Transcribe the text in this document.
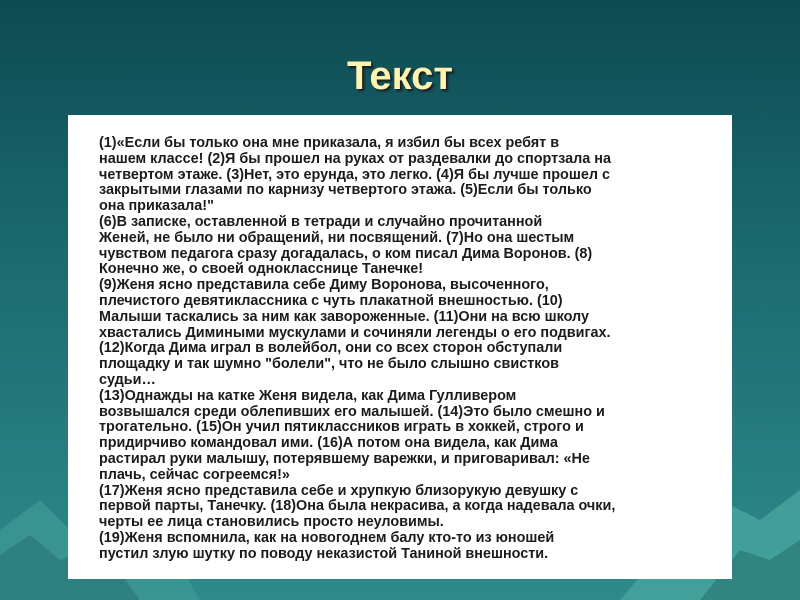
Текст

(1)«Если бы только она мне приказала, я избил бы всех ребят в
нашем классе! (2)Я бы прошел на руках от раздевалки до спортзала на
четвертом этаже. (3)Нет, это ерунда, это легко. (4)Я бы лучше прошел с
закрытыми глазами по карнизу четвертого этажа. (5)Если бы только
она приказала!"

(6)В записке, оставленной в тетради и случайно прочитанной
Женей, не было ни обращений, ни посвящений. (7)Но она шестым
чувством педагога сразу догадалась, о ком писал Дима Воронов. (8)
Конечно же, о своей однокласснице Танечке!

(9)Женя ясно представила себе Диму Воронова, высоченного,
плечистого девятиклассника с чуть плакатной внешностью. (10)
Малыши таскались за ним как завороженные. (11)Они на всю школу
хвастались Димиными мускулами и сочиняли легенды о его подвигах.
(12)Когда Дима играл в волейбол, они со всех сторон обступали
площадку и так шумно "болели", что не было слышно свистков
судьи…

(13)Однажды на катке Женя видела, как Дима Гулливером
возвышался среди облепивших его малышей. (14)Это было смешно и
трогательно. (15)Он учил пятиклассников играть в хоккей, строго и
придирчиво командовал ими. (16)А потом она видела, как Дима
растирал руки малышу, потерявшему варежки, и приговаривал: «Не
плачь, сейчас согреемся!»

(17)Женя ясно представила себе и хрупкую близорукую девушку с
первой парты, Танечку. (18)Она была некрасива, а когда надевала очки,
черты ее лица становились просто неуловимы.

(19)Женя вспомнила, как на новогоднем балу кто-то из юношей
пустил злую шутку по поводу неказистой Таниной внешности.
